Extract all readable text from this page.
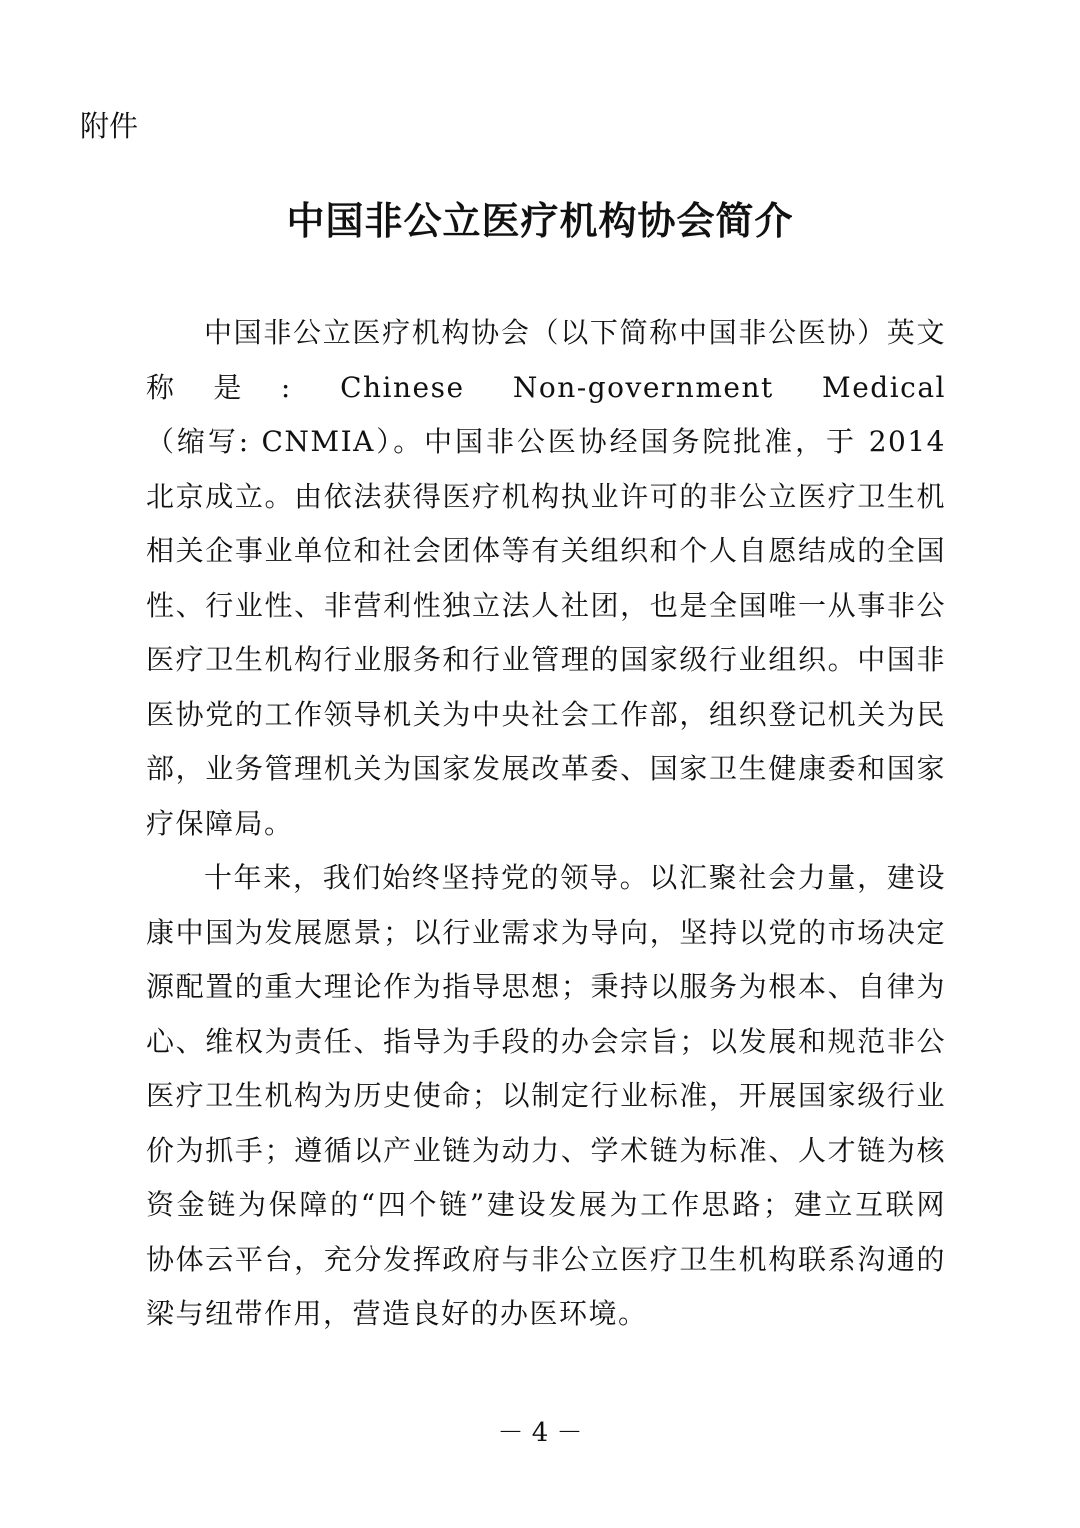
附件
中国非公立医疗机构协会简介
中国非公立医疗机构协会（以下简称中国非公医协）英文
称是: Chinese Non-government Medical
（缩写: CNMIA）。中国非公医协经国务院批准，于 2014
北京成立。由依法获得医疗机构执业许可的非公立医疗卫生机
相关企事业单位和社会团体等有关组织和个人自愿结成的全国
性、行业性、非营利性独立法人社团，也是全国唯一从事非公
医疗卫生机构行业服务和行业管理的国家级行业组织。中国非
医协党的工作领导机关为中央社会工作部，组织登记机关为民
部，业务管理机关为国家发展改革委、国家卫生健康委和国家
疗保障局。
十年来，我们始终坚持党的领导。以汇聚社会力量，建设
康中国为发展愿景；以行业需求为导向，坚持以党的市场决定
源配置的重大理论作为指导思想；秉持以服务为根本、自律为
心、维权为责任、指导为手段的办会宗旨；以发展和规范非公
医疗卫生机构为历史使命；以制定行业标准，开展国家级行业
价为抓手；遵循以产业链为动力、学术链为标准、人才链为核
资金链为保障的“四个链”建设发展为工作思路；建立互联网
协体云平台，充分发挥政府与非公立医疗卫生机构联系沟通的
梁与纽带作用，营造良好的办医环境。
－ 4 －
